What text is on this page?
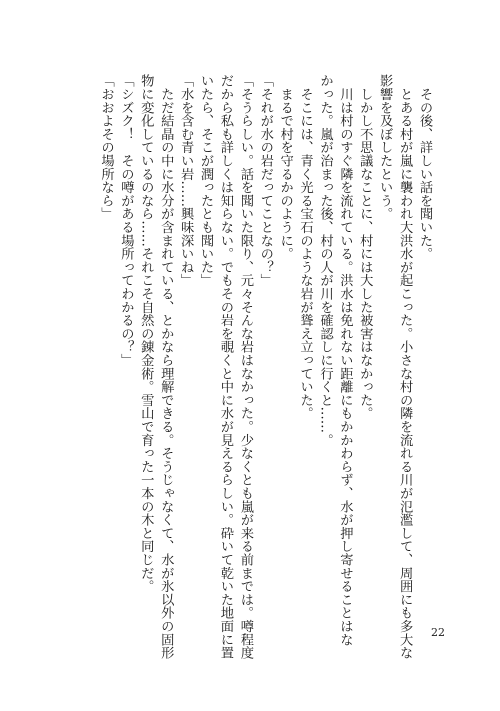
　その後、詳しい話を聞いた。
　とある村が嵐に襲われ大洪水が起こった。小さな村の隣を流れる川が氾濫して、周囲にも多大な
影響を及ぼしたという。
　しかし不思議なことに、村には大した被害はなかった。
　川は村のすぐ隣を流れている。洪水は免れない距離にもかかわらず、水が押し寄せることはな
かった。嵐が治まった後、村の人が川を確認しに行くと……。
　そこには、青く光る宝石のような岩が聳え立っていた。
　まるで村を守るかのように。
「それが水の岩だってことなの？」
「そうらしい。話を聞いた限り、元々そんな岩はなかった。少なくとも嵐が来る前までは。噂程度
だから私も詳しくは知らない。でもその岩を覗くと中に水が見えるらしい。砕いて乾いた地面に置
いたら、そこが潤ったとも聞いた」
「水を含む青い岩……興味深いね」
　ただ結晶の中に水分が含まれている、とかなら理解できる。そうじゃなくて、水が氷以外の固形
物に変化しているのなら……それこそ自然の錬金術。雪山で育った一本の木と同じだ。
「シズク！　その噂がある場所ってわかるの？」
「おおよその場所なら」
22
